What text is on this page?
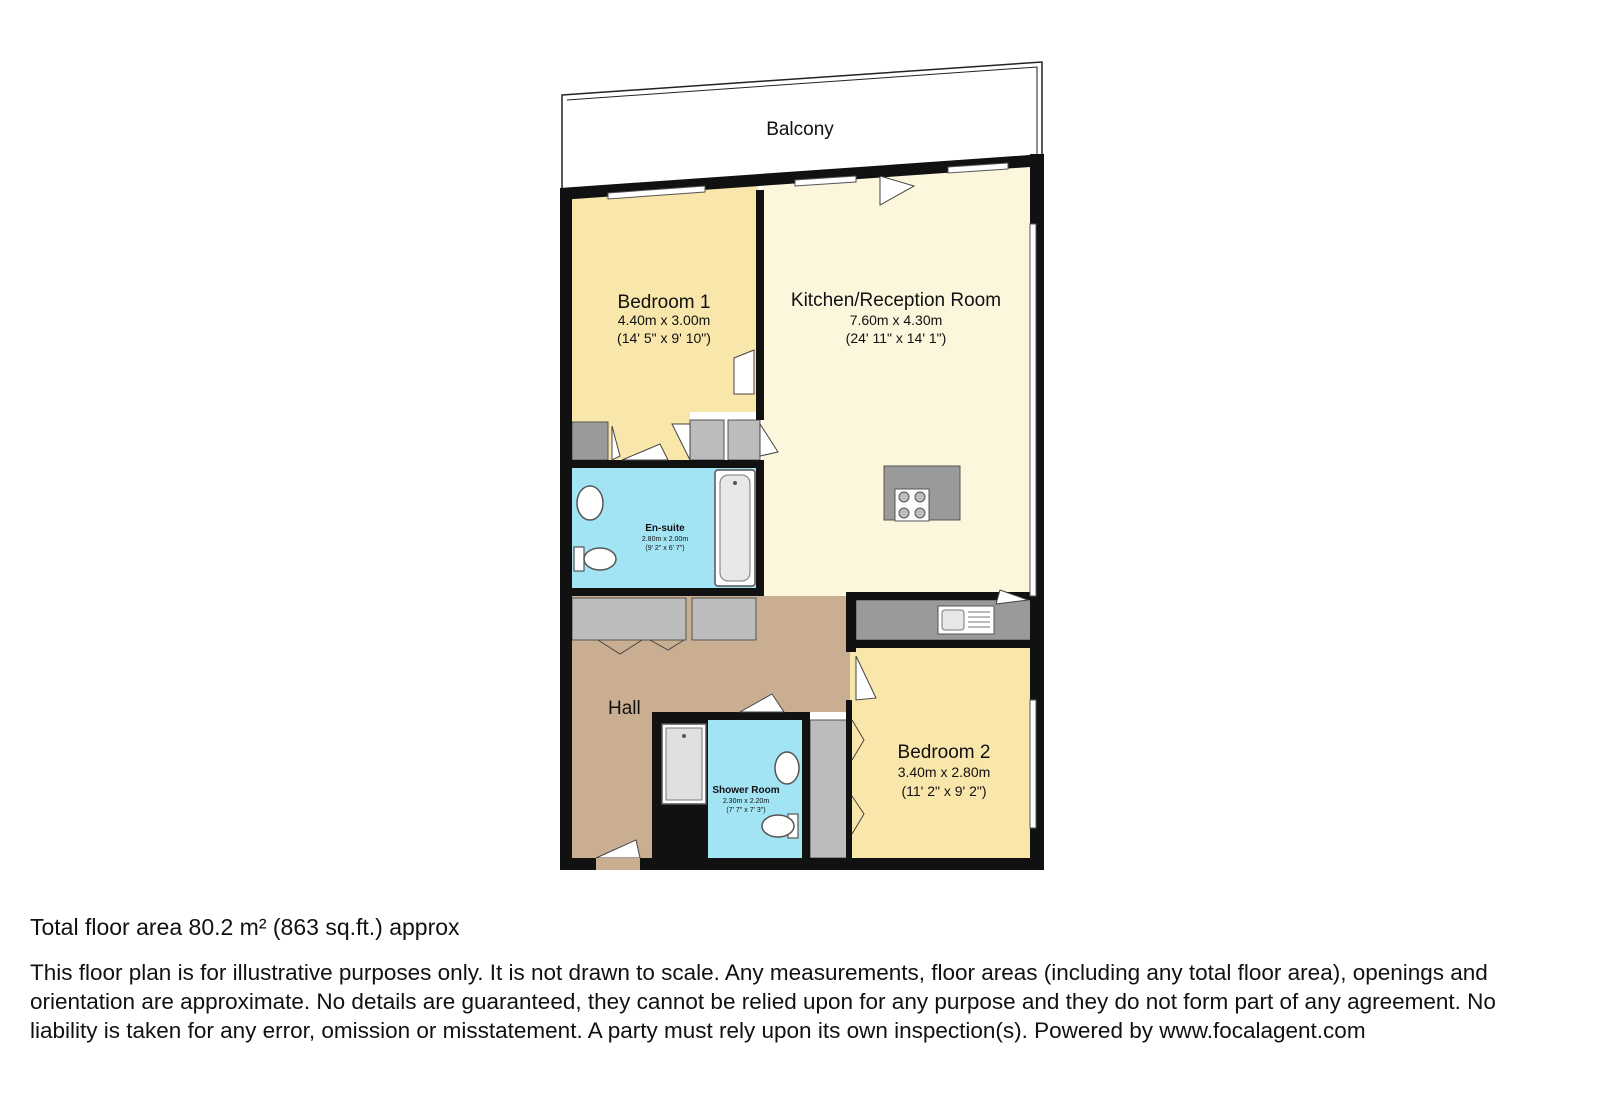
Balcony
Bedroom 1
4.40m x 3.00m
(14' 5" x 9' 10")
Kitchen/Reception Room
7.60m x 4.30m
(24' 11" x 14' 1")
En-suite
2.80m x 2.00m
(9' 2" x 6' 7")
Hall
Shower Room
2.30m x 2.20m
(7' 7" x 7' 3")
Bedroom 2
3.40m x 2.80m
(11' 2" x 9' 2")

Total floor area 80.2 m² (863 sq.ft.) approx

This floor plan is for illustrative purposes only. It is not drawn to scale. Any measurements, floor areas (including any total floor area), openings and orientation are approximate. No details are guaranteed, they cannot be relied upon for any purpose and they do not form part of any agreement. No liability is taken for any error, omission or misstatement. A party must rely upon its own inspection(s). Powered by www.focalagent.com
